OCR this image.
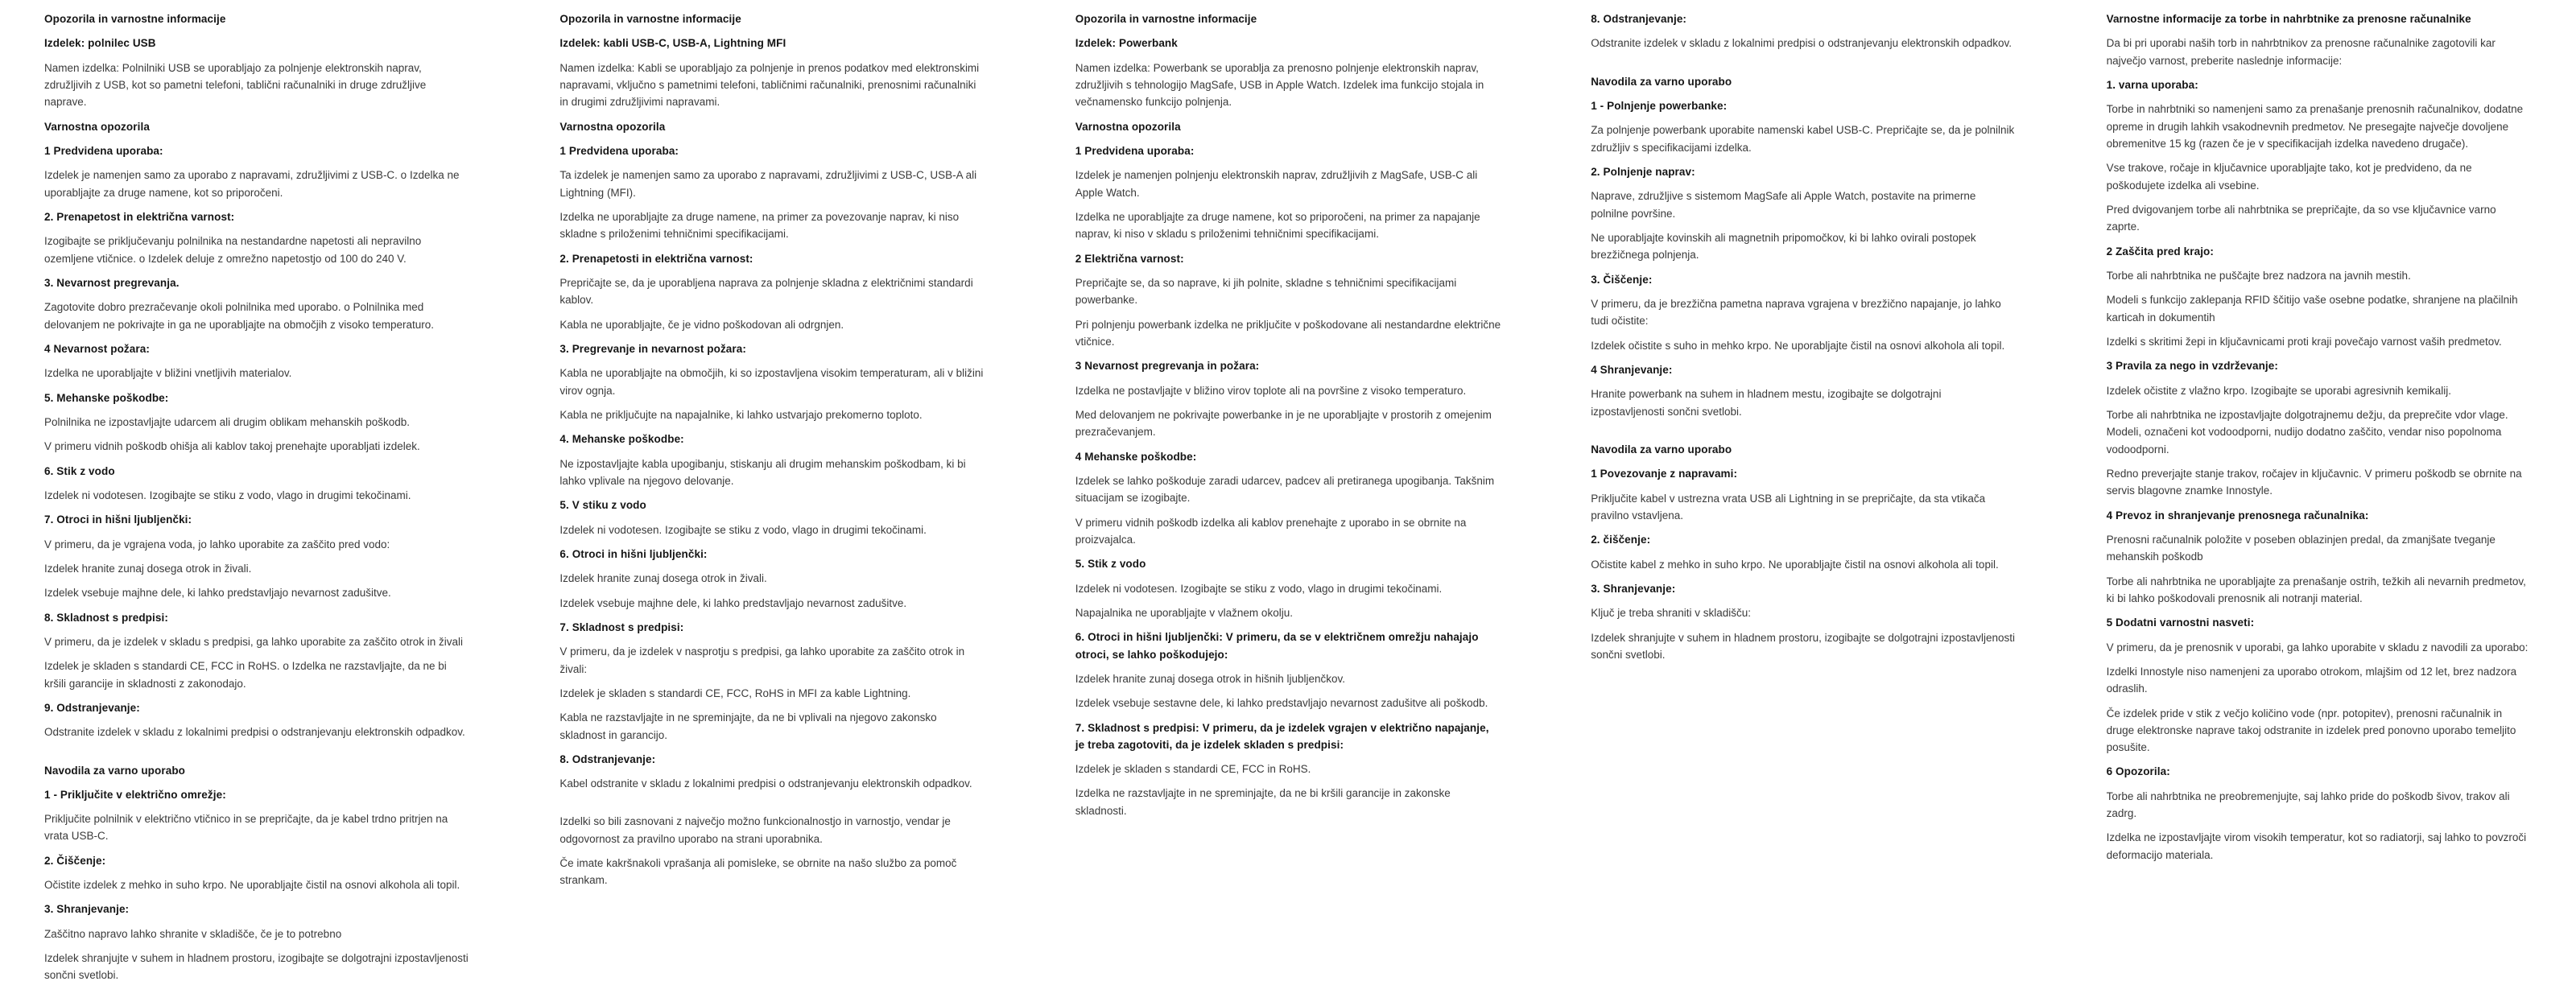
Opozorila in varnostne informacije
Izdelek: polnilec USB
Namen izdelka: Polnilniki USB se uporabljajo za polnjenje elektronskih naprav, združljivih z USB, kot so pametni telefoni, tablični računalniki in druge združljive naprave.
Varnostna opozorila
1 Predvidena uporaba:
Izdelek je namenjen samo za uporabo z napravami, združljivimi z USB-C. o Izdelka ne uporabljajte za druge namene, kot so priporočeni.
2. Prenapetost in električna varnost:
Izogibajte se priključevanju polnilnika na nestandardne napetosti ali nepravilno ozemljene vtičnice. o Izdelek deluje z omrežno napetostjo od 100 do 240 V.
3. Nevarnost pregrevanja.
Zagotovite dobro prezračevanje okoli polnilnika med uporabo. o Polnilnika med delovanjem ne pokrivajte in ga ne uporabljajte na območjih z visoko temperaturo.
4 Nevarnost požara:
Izdelka ne uporabljajte v bližini vnetljivih materialov.
5. Mehanske poškodbe:
Polnilnika ne izpostavljajte udarcem ali drugim oblikam mehanskih poškodb.
V primeru vidnih poškodb ohišja ali kablov takoj prenehajte uporabljati izdelek.
6. Stik z vodo
Izdelek ni vodotesen. Izogibajte se stiku z vodo, vlago in drugimi tekočinami.
7. Otroci in hišni ljubljenčki:
V primeru, da je vgrajena voda, jo lahko uporabite za zaščito pred vodo:
Izdelek hranite zunaj dosega otrok in živali.
Izdelek vsebuje majhne dele, ki lahko predstavljajo nevarnost zadušitve.
8. Skladnost s predpisi:
V primeru, da je izdelek v skladu s predpisi, ga lahko uporabite za zaščito otrok in živali
Izdelek je skladen s standardi CE, FCC in RoHS. o Izdelka ne razstavljajte, da ne bi kršili garancije in skladnosti z zakonodajo.
9. Odstranjevanje:
Odstranite izdelek v skladu z lokalnimi predpisi o odstranjevanju elektronskih odpadkov.
Navodila za varno uporabo
1 - Priključite v električno omrežje:
Priključite polnilnik v električno vtičnico in se prepričajte, da je kabel trdno pritrjen na vrata USB-C.
2. Čiščenje:
Očistite izdelek z mehko in suho krpo. Ne uporabljajte čistil na osnovi alkohola ali topil.
3. Shranjevanje:
Zaščitno napravo lahko shranite v skladišče, če je to potrebno
Izdelek shranjujte v suhem in hladnem prostoru, izogibajte se dolgotrajni izpostavljenosti sončni svetlobi.
Opozorila in varnostne informacije
Izdelek: kabli USB-C, USB-A, Lightning MFI
Namen izdelka: Kabli se uporabljajo za polnjenje in prenos podatkov med elektronskimi napravami, vključno s pametnimi telefoni, tabličnimi računalniki, prenosnimi računalniki in drugimi združljivimi napravami.
Varnostna opozorila
1 Predvidena uporaba:
Ta izdelek je namenjen samo za uporabo z napravami, združljivimi z USB-C, USB-A ali Lightning (MFI).
Izdelka ne uporabljajte za druge namene, na primer za povezovanje naprav, ki niso skladne s priloženimi tehničnimi specifikacijami.
2. Prenapetosti in električna varnost:
Prepričajte se, da je uporabljena naprava za polnjenje skladna z električnimi standardi kablov.
Kabla ne uporabljajte, če je vidno poškodovan ali odrgnjen.
3. Pregrevanje in nevarnost požara:
Kabla ne uporabljajte na območjih, ki so izpostavljena visokim temperaturam, ali v bližini virov ognja.
Kabla ne priključujte na napajalnike, ki lahko ustvarjajo prekomerno toploto.
4. Mehanske poškodbe:
Ne izpostavljajte kabla upogibanju, stiskanju ali drugim mehanskim poškodbam, ki bi lahko vplivale na njegovo delovanje.
5. V stiku z vodo
Izdelek ni vodotesen. Izogibajte se stiku z vodo, vlago in drugimi tekočinami.
6. Otroci in hišni ljubljenčki:
Izdelek hranite zunaj dosega otrok in živali.
Izdelek vsebuje majhne dele, ki lahko predstavljajo nevarnost zadušitve.
7. Skladnost s predpisi:
V primeru, da je izdelek v nasprotju s predpisi, ga lahko uporabite za zaščito otrok in živali:
Izdelek je skladen s standardi CE, FCC, RoHS in MFI za kable Lightning.
Kabla ne razstavljajte in ne spreminjajte, da ne bi vplivali na njegovo zakonsko skladnost in garancijo.
8. Odstranjevanje:
Kabel odstranite v skladu z lokalnimi predpisi o odstranjevanju elektronskih odpadkov.
Izdelki so bili zasnovani z največjo možno funkcionalnostjo in varnostjo, vendar je odgovornost za pravilno uporabo na strani uporabnika.
Če imate kakršnakoli vprašanja ali pomisleke, se obrnite na našo službo za pomoč strankam.
Opozorila in varnostne informacije
Izdelek: Powerbank
Namen izdelka: Powerbank se uporablja za prenosno polnjenje elektronskih naprav, združljivih s tehnologijo MagSafe, USB in Apple Watch. Izdelek ima funkcijo stojala in večnamensko funkcijo polnjenja.
Varnostna opozorila
1 Predvidena uporaba:
Izdelek je namenjen polnjenju elektronskih naprav, združljivih z MagSafe, USB-C ali Apple Watch.
Izdelka ne uporabljajte za druge namene, kot so priporočeni, na primer za napajanje naprav, ki niso v skladu s priloženimi tehničnimi specifikacijami.
2 Električna varnost:
Prepričajte se, da so naprave, ki jih polnite, skladne s tehničnimi specifikacijami powerbanke.
Pri polnjenju powerbank izdelka ne priključite v poškodovane ali nestandardne električne vtičnice.
3 Nevarnost pregrevanja in požara:
Izdelka ne postavljajte v bližino virov toplote ali na površine z visoko temperaturo.
Med delovanjem ne pokrivajte powerbanke in je ne uporabljajte v prostorih z omejenim prezračevanjem.
4 Mehanske poškodbe:
Izdelek se lahko poškoduje zaradi udarcev, padcev ali pretiranega upogibanja. Takšnim situacijam se izogibajte.
V primeru vidnih poškodb izdelka ali kablov prenehajte z uporabo in se obrnite na proizvajalca.
5. Stik z vodo
Izdelek ni vodotesen. Izogibajte se stiku z vodo, vlago in drugimi tekočinami.
Napajalnika ne uporabljajte v vlažnem okolju.
6. Otroci in hišni ljubljenčki: V primeru, da se v električnem omrežju nahajajo otroci, se lahko poškodujejo:
Izdelek hranite zunaj dosega otrok in hišnih ljubljenčkov.
Izdelek vsebuje sestavne dele, ki lahko predstavljajo nevarnost zadušitve ali poškodb.
7. Skladnost s predpisi: V primeru, da je izdelek vgrajen v električno napajanje, je treba zagotoviti, da je izdelek skladen s predpisi:
Izdelek je skladen s standardi CE, FCC in RoHS.
Izdelka ne razstavljajte in ne spreminjajte, da ne bi kršili garancije in zakonske skladnosti.
8. Odstranjevanje:
Odstranite izdelek v skladu z lokalnimi predpisi o odstranjevanju elektronskih odpadkov.
Navodila za varno uporabo
1 - Polnjenje powerbanke:
Za polnjenje powerbank uporabite namenski kabel USB-C. Prepričajte se, da je polnilnik združljiv s specifikacijami izdelka.
2. Polnjenje naprav:
Naprave, združljive s sistemom MagSafe ali Apple Watch, postavite na primerne polnilne površine.
Ne uporabljajte kovinskih ali magnetnih pripomočkov, ki bi lahko ovirali postopek brezžičnega polnjenja.
3. Čiščenje:
V primeru, da je brezžična pametna naprava vgrajena v brezžično napajanje, jo lahko tudi očistite:
Izdelek očistite s suho in mehko krpo. Ne uporabljajte čistil na osnovi alkohola ali topil.
4 Shranjevanje:
Hranite powerbank na suhem in hladnem mestu, izogibajte se dolgotrajni izpostavljenosti sončni svetlobi.
Navodila za varno uporabo
1 Povezovanje z napravami:
Priključite kabel v ustrezna vrata USB ali Lightning in se prepričajte, da sta vtikača pravilno vstavljena.
2. čiščenje:
Očistite kabel z mehko in suho krpo. Ne uporabljajte čistil na osnovi alkohola ali topil.
3. Shranjevanje:
Ključ je treba shraniti v skladišču:
Izdelek shranjujte v suhem in hladnem prostoru, izogibajte se dolgotrajni izpostavljenosti sončni svetlobi.
Varnostne informacije za torbe in nahrbtnike za prenosne računalnike
Da bi pri uporabi naših torb in nahrbtnikov za prenosne računalnike zagotovili kar največjo varnost, preberite naslednje informacije:
1. varna uporaba:
Torbe in nahrbtniki so namenjeni samo za prenašanje prenosnih računalnikov, dodatne opreme in drugih lahkih vsakodnevnih predmetov. Ne presegajte največje dovoljene obremenitve 15 kg (razen če je v specifikacijah izdelka navedeno drugače).
Vse trakove, ročaje in ključavnice uporabljajte tako, kot je predvideno, da ne poškodujete izdelka ali vsebine.
Pred dvigovanjem torbe ali nahrbtnika se prepričajte, da so vse ključavnice varno zaprte.
2 Zaščita pred krajo:
Torbe ali nahrbtnika ne puščajte brez nadzora na javnih mestih.
Modeli s funkcijo zaklepanja RFID ščitijo vaše osebne podatke, shranjene na plačilnih karticah in dokumentih
Izdelki s skritimi žepi in ključavnicami proti kraji povečajo varnost vaših predmetov.
3 Pravila za nego in vzdrževanje:
Izdelek očistite z vlažno krpo. Izogibajte se uporabi agresivnih kemikalij.
Torbe ali nahrbtnika ne izpostavljajte dolgotrajnemu dežju, da preprečite vdor vlage. Modeli, označeni kot vodoodporni, nudijo dodatno zaščito, vendar niso popolnoma vodoodporni.
Redno preverjajte stanje trakov, ročajev in ključavnic. V primeru poškodb se obrnite na servis blagovne znamke Innostyle.
4 Prevoz in shranjevanje prenosnega računalnika:
Prenosni računalnik položite v poseben oblazinjen predal, da zmanjšate tveganje mehanskih poškodb
Torbe ali nahrbtnika ne uporabljajte za prenašanje ostrih, težkih ali nevarnih predmetov, ki bi lahko poškodovali prenosnik ali notranji material.
5 Dodatni varnostni nasveti:
V primeru, da je prenosnik v uporabi, ga lahko uporabite v skladu z navodili za uporabo:
Izdelki Innostyle niso namenjeni za uporabo otrokom, mlajšim od 12 let, brez nadzora odraslih.
Če izdelek pride v stik z večjo količino vode (npr. potopitev), prenosni računalnik in druge elektronske naprave takoj odstranite in izdelek pred ponovno uporabo temeljito posušite.
6 Opozorila:
Torbe ali nahrbtnika ne preobremenjujte, saj lahko pride do poškodb šivov, trakov ali zadrg.
Izdelka ne izpostavljajte virom visokih temperatur, kot so radiatorji, saj lahko to povzroči deformacijo materiala.
